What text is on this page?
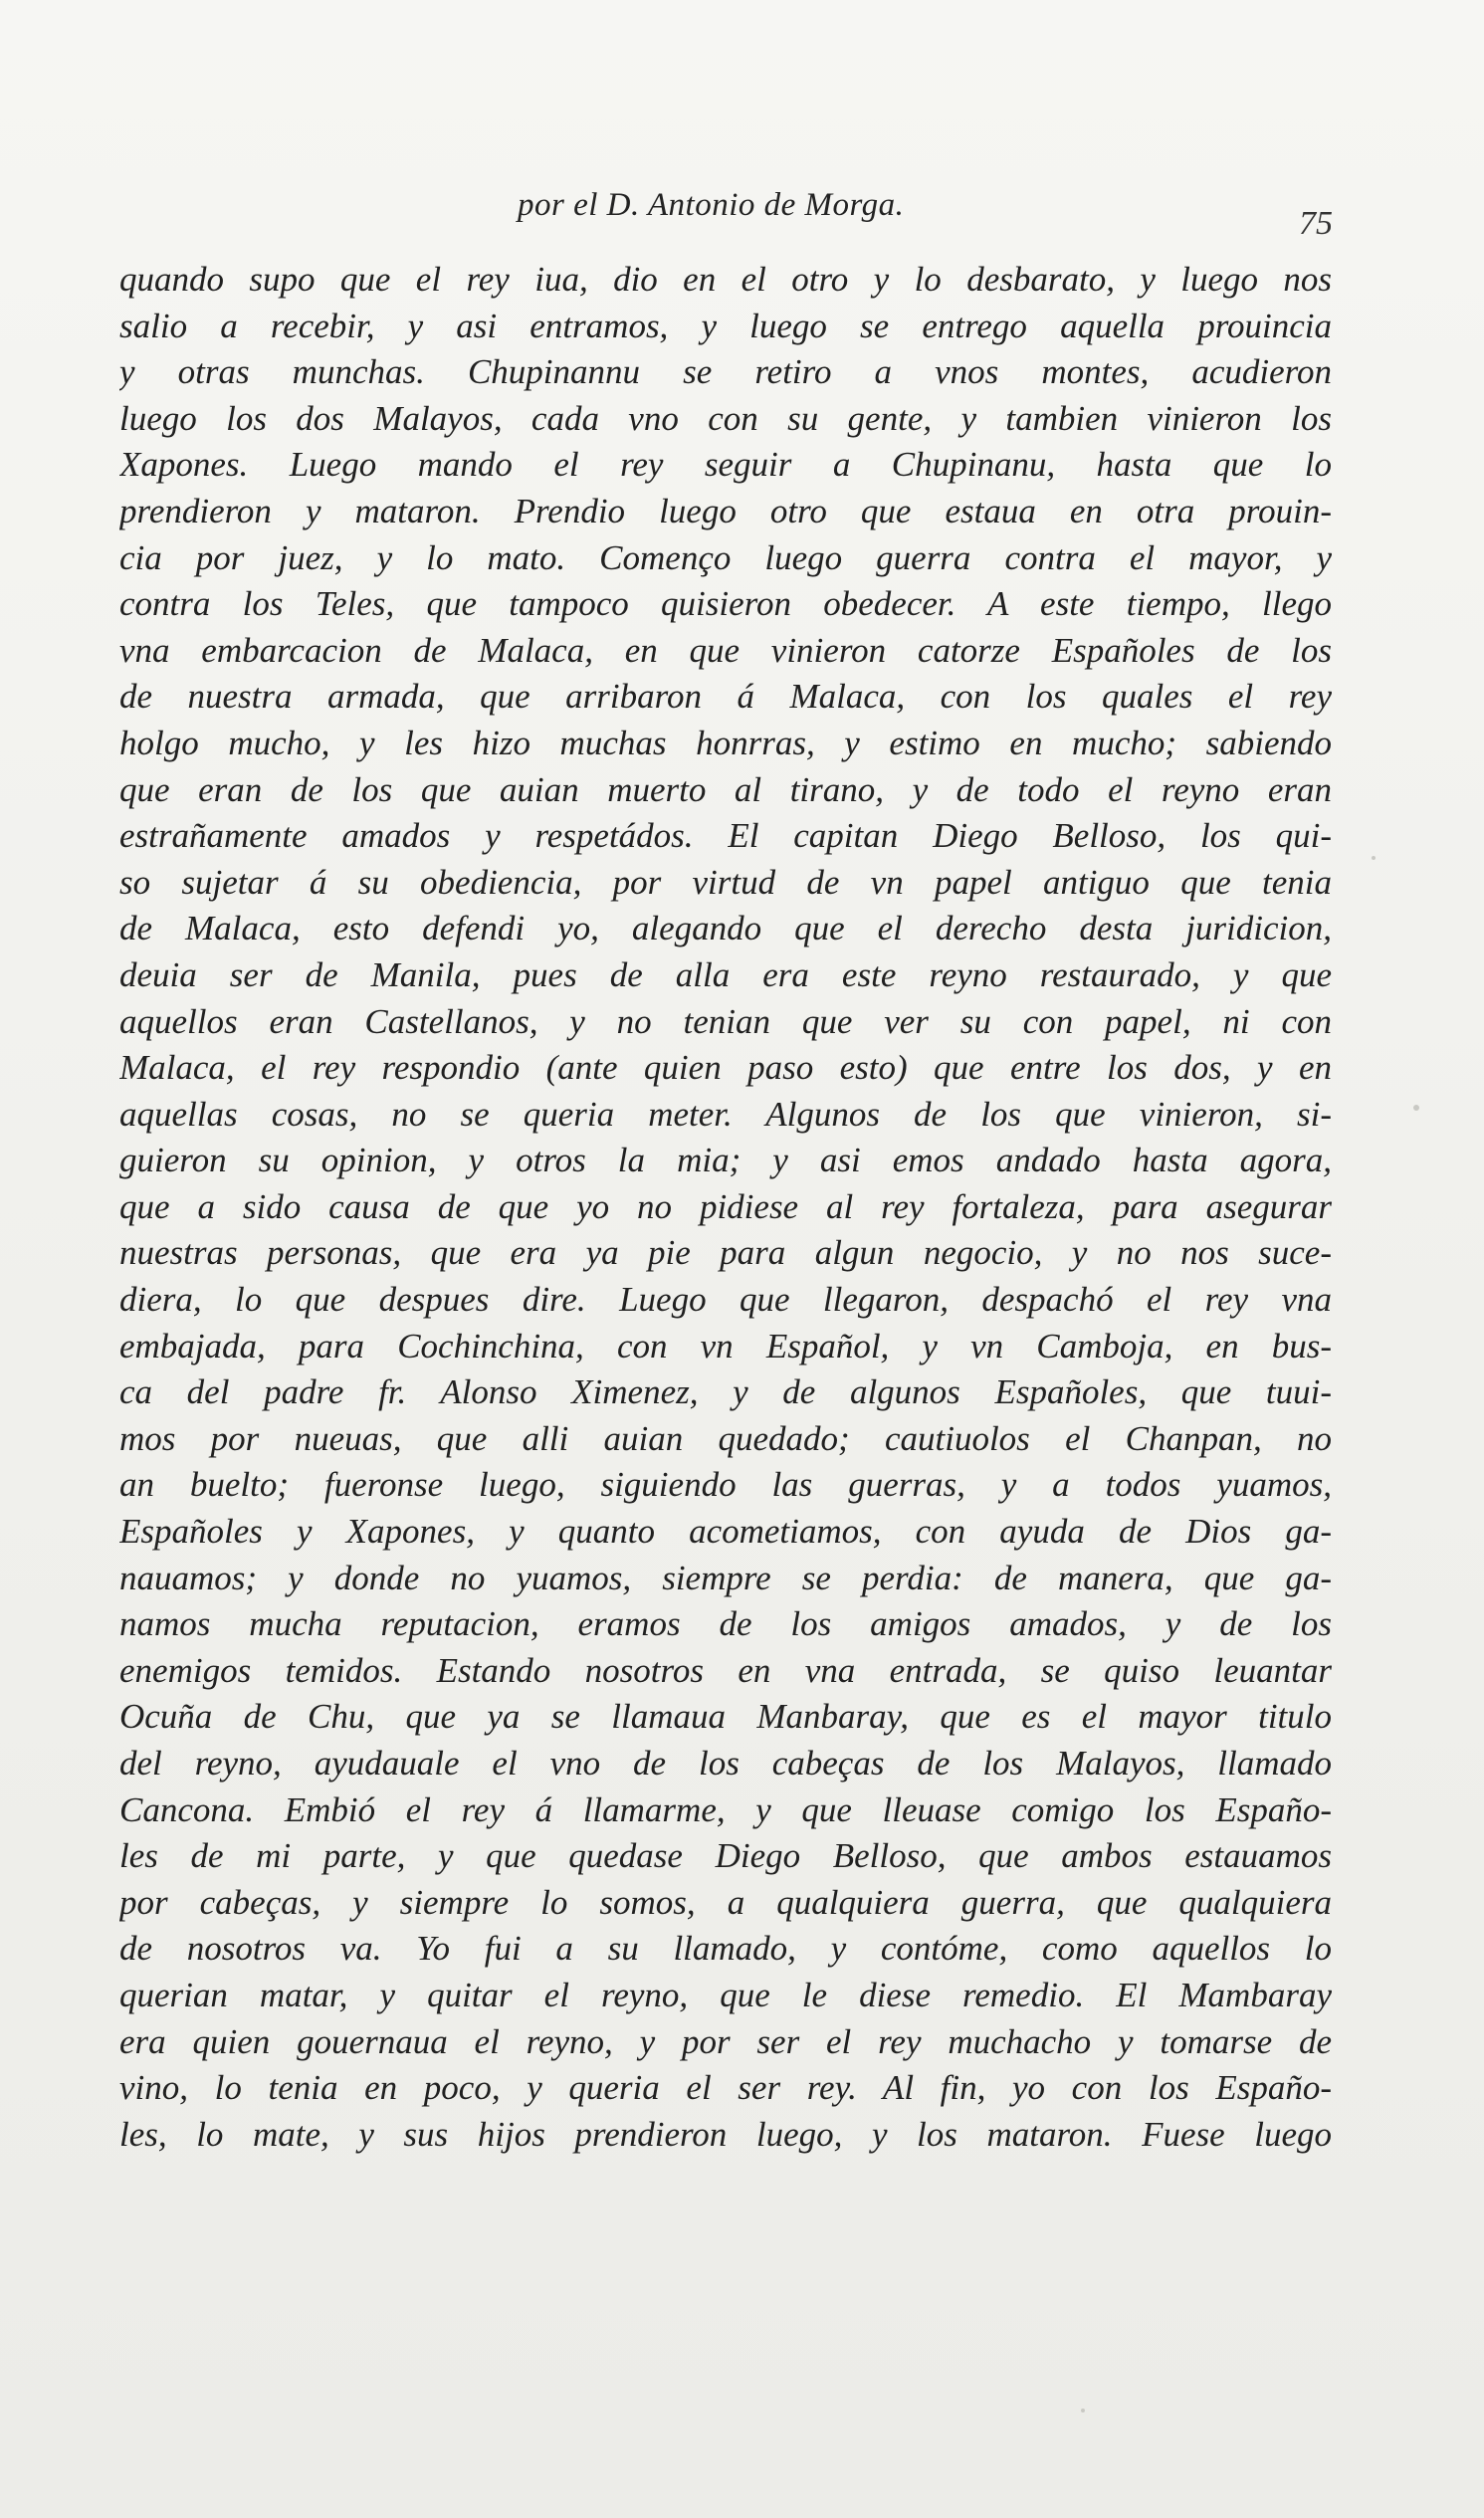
por el D. Antonio de Morga.	75
quando supo que el rey iua, dio en el otro y lo desbarato, y luego nos
salio a recebir, y asi entramos, y luego se entrego aquella prouincia
y otras munchas. Chupinannu se retiro a vnos montes, acudieron
luego los dos Malayos, cada vno con su gente, y tambien vinieron los
Xapones. Luego mando el rey seguir a Chupinanu, hasta que lo
prendieron y mataron. Prendio luego otro que estaua en otra prouin-
cia por juez, y lo mato. Començo luego guerra contra el mayor, y
contra los Teles, que tampoco quisieron obedecer. A este tiempo, llego
vna embarcacion de Malaca, en que vinieron catorze Españoles de los
de nuestra armada, que arribaron á Malaca, con los quales el rey
holgo mucho, y les hizo muchas honrras, y estimo en mucho; sabiendo
que eran de los que auian muerto al tirano, y de todo el reyno eran
estrañamente amados y respetádos. El capitan Diego Belloso, los qui-
so sujetar á su obediencia, por virtud de vn papel antiguo que tenia
de Malaca, esto defendi yo, alegando que el derecho desta juridicion,
deuia ser de Manila, pues de alla era este reyno restaurado, y que
aquellos eran Castellanos, y no tenian que ver su con papel, ni con
Malaca, el rey respondio (ante quien paso esto) que entre los dos, y en
aquellas cosas, no se queria meter. Algunos de los que vinieron, si-
guieron su opinion, y otros la mia; y asi emos andado hasta agora,
que a sido causa de que yo no pidiese al rey fortaleza, para asegurar
nuestras personas, que era ya pie para algun negocio, y no nos suce-
diera, lo que despues dire. Luego que llegaron, despachó el rey vna
embajada, para Cochinchina, con vn Español, y vn Camboja, en bus-
ca del padre fr. Alonso Ximenez, y de algunos Españoles, que tuui-
mos por nueuas, que alli auian quedado; cautiuolos el Chanpan, no
an buelto; fueronse luego, siguiendo las guerras, y a todos yuamos,
Españoles y Xapones, y quanto acometiamos, con ayuda de Dios ga-
nauamos; y donde no yuamos, siempre se perdia: de manera, que ga-
namos mucha reputacion, eramos de los amigos amados, y de los
enemigos temidos. Estando nosotros en vna entrada, se quiso leuantar
Ocuña de Chu, que ya se llamaua Manbaray, que es el mayor titulo
del reyno, ayudauale el vno de los cabeças de los Malayos, llamado
Cancona. Embió el rey á llamarme, y que lleuase comigo los Españo-
les de mi parte, y que quedase Diego Belloso, que ambos estauamos
por cabeças, y siempre lo somos, a qualquiera guerra, que qualquiera
de nosotros va. Yo fui a su llamado, y contóme, como aquellos lo
querian matar, y quitar el reyno, que le diese remedio. El Mambaray
era quien gouernaua el reyno, y por ser el rey muchacho y tomarse de
vino, lo tenia en poco, y queria el ser rey. Al fin, yo con los Españo-
les, lo mate, y sus hijos prendieron luego, y los mataron. Fuese luego
